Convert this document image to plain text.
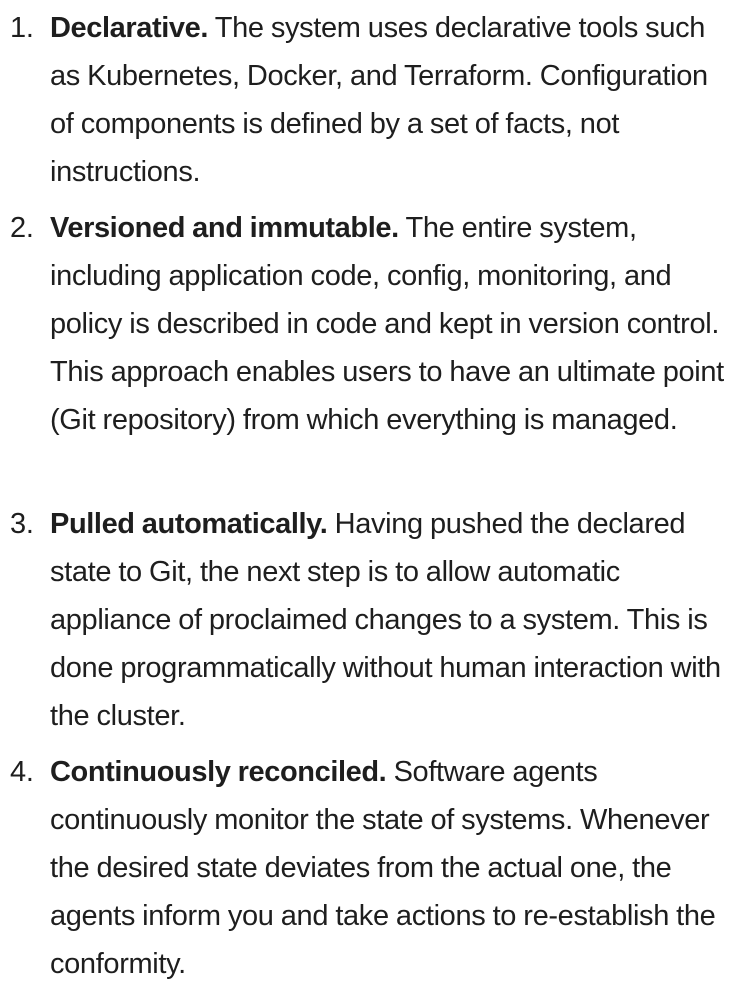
1. Declarative. The system uses declarative tools such as Kubernetes, Docker, and Terraform. Configuration of components is defined by a set of facts, not instructions.
2. Versioned and immutable. The entire system, including application code, config, monitoring, and policy is described in code and kept in version control. This approach enables users to have an ultimate point (Git repository) from which everything is managed.
3. Pulled automatically. Having pushed the declared state to Git, the next step is to allow automatic appliance of proclaimed changes to a system. This is done programmatically without human interaction with the cluster.
4. Continuously reconciled. Software agents continuously monitor the state of systems. Whenever the desired state deviates from the actual one, the agents inform you and take actions to re-establish the conformity.
